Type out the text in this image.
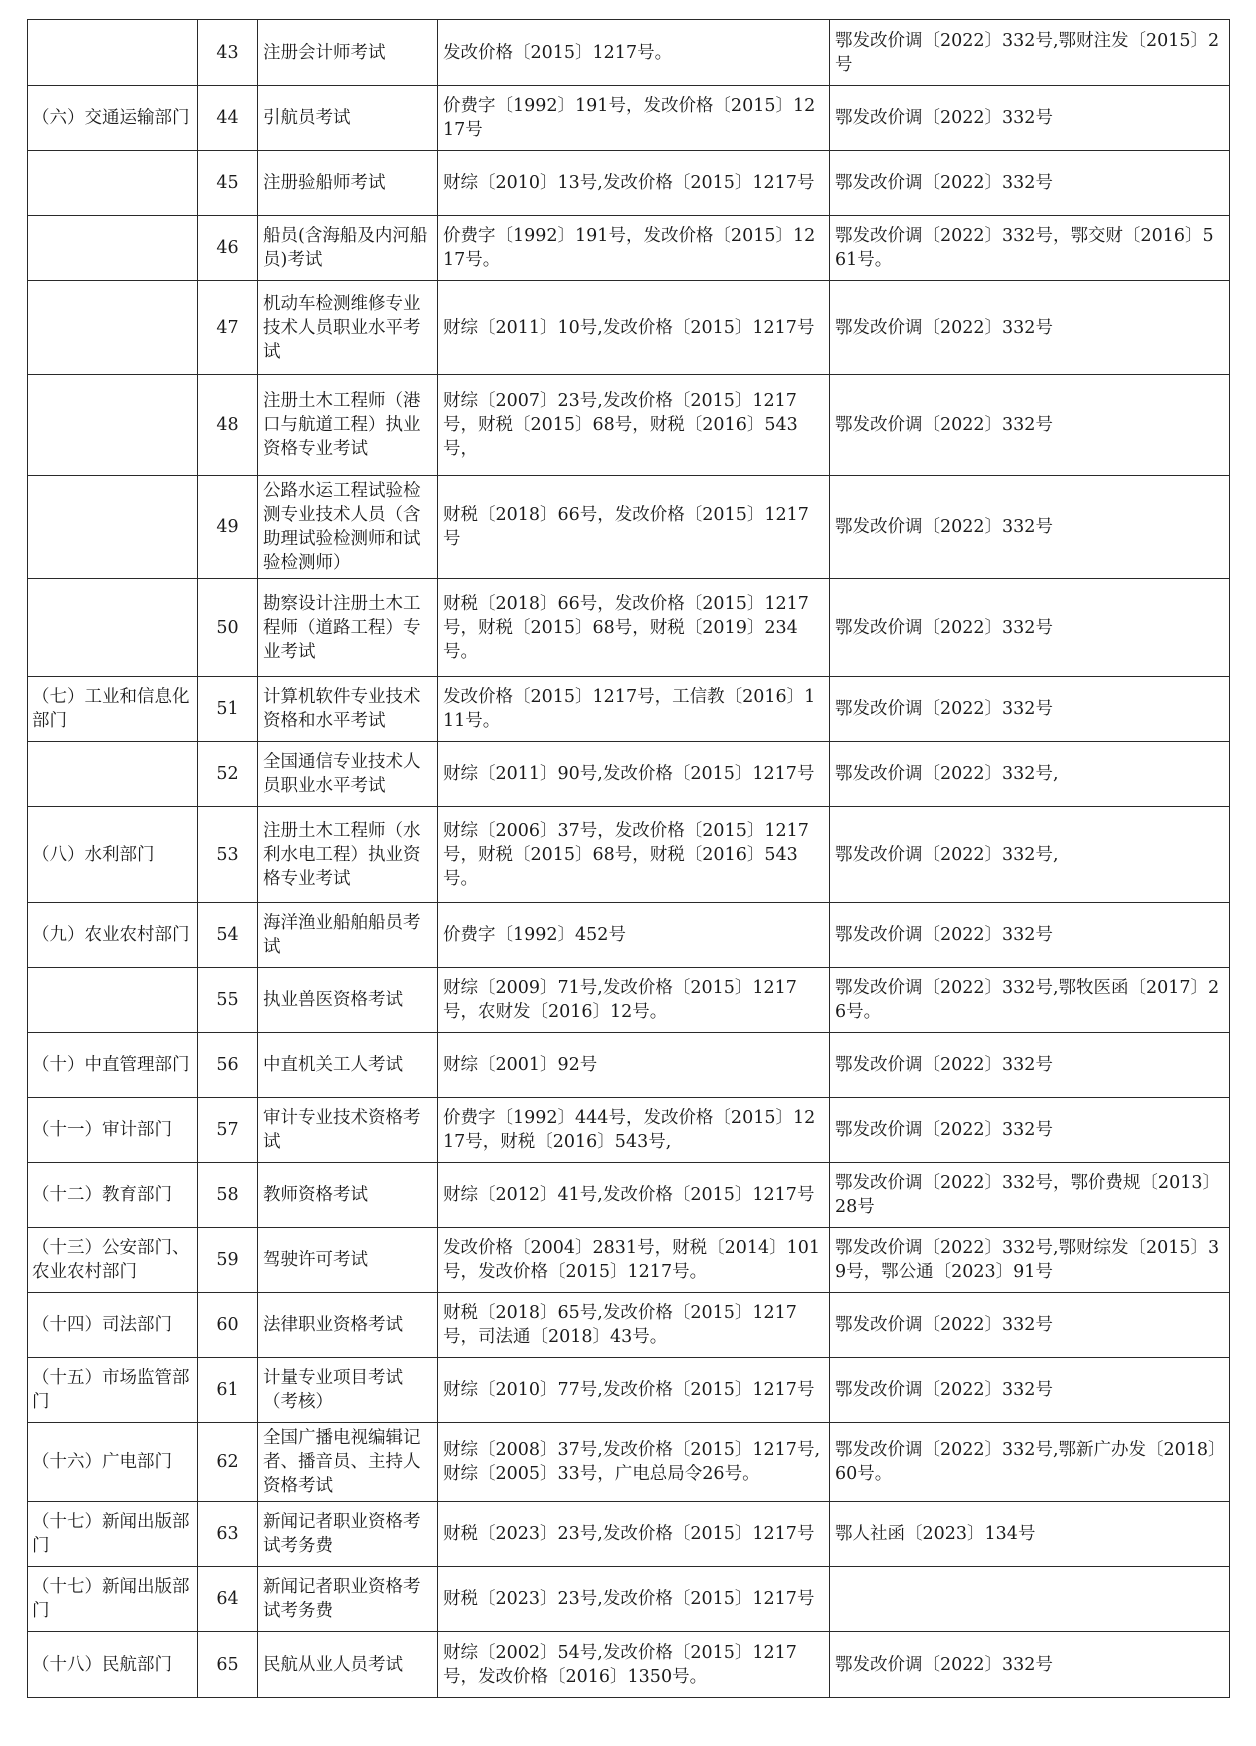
	43	注册会计师考试	发改价格〔2015〕1217号。	鄂发改价调〔2022〕332号,鄂财注发〔2015〕2号
（六）交通运输部门	44	引航员考试	价费字〔1992〕191号，发改价格〔2015〕1217号	鄂发改价调〔2022〕332号
	45	注册验船师考试	财综〔2010〕13号,发改价格〔2015〕1217号	鄂发改价调〔2022〕332号
	46	船员(含海船及内河船员)考试	价费字〔1992〕191号，发改价格〔2015〕1217号。	鄂发改价调〔2022〕332号，鄂交财〔2016〕561号。
	47	机动车检测维修专业技术人员职业水平考试	财综〔2011〕10号,发改价格〔2015〕1217号	鄂发改价调〔2022〕332号
	48	注册土木工程师（港口与航道工程）执业资格专业考试	财综〔2007〕23号,发改价格〔2015〕1217号，财税〔2015〕68号，财税〔2016〕543号，	鄂发改价调〔2022〕332号
	49	公路水运工程试验检测专业技术人员（含助理试验检测师和试验检测师）	财税〔2018〕66号，发改价格〔2015〕1217号	鄂发改价调〔2022〕332号
	50	勘察设计注册土木工程师（道路工程）专业考试	财税〔2018〕66号，发改价格〔2015〕1217号，财税〔2015〕68号，财税〔2019〕234号。	鄂发改价调〔2022〕332号
（七）工业和信息化部门	51	计算机软件专业技术资格和水平考试	发改价格〔2015〕1217号，工信教〔2016〕111号。	鄂发改价调〔2022〕332号
	52	全国通信专业技术人员职业水平考试	财综〔2011〕90号,发改价格〔2015〕1217号	鄂发改价调〔2022〕332号,
（八）水利部门	53	注册土木工程师（水利水电工程）执业资格专业考试	财综〔2006〕37号，发改价格〔2015〕1217号，财税〔2015〕68号，财税〔2016〕543号。	鄂发改价调〔2022〕332号,
（九）农业农村部门	54	海洋渔业船舶船员考试	价费字〔1992〕452号	鄂发改价调〔2022〕332号
	55	执业兽医资格考试	财综〔2009〕71号,发改价格〔2015〕1217号，农财发〔2016〕12号。	鄂发改价调〔2022〕332号,鄂牧医函〔2017〕26号。
（十）中直管理部门	56	中直机关工人考试	财综〔2001〕92号	鄂发改价调〔2022〕332号
（十一）审计部门	57	审计专业技术资格考试	价费字〔1992〕444号，发改价格〔2015〕1217号，财税〔2016〕543号,	鄂发改价调〔2022〕332号
（十二）教育部门	58	教师资格考试	财综〔2012〕41号,发改价格〔2015〕1217号	鄂发改价调〔2022〕332号，鄂价费规〔2013〕28号
（十三）公安部门、农业农村部门	59	驾驶许可考试	发改价格〔2004〕2831号，财税〔2014〕101号，发改价格〔2015〕1217号。	鄂发改价调〔2022〕332号,鄂财综发〔2015〕39号，鄂公通〔2023〕91号
（十四）司法部门	60	法律职业资格考试	财税〔2018〕65号,发改价格〔2015〕1217号，司法通〔2018〕43号。	鄂发改价调〔2022〕332号
（十五）市场监管部门	61	计量专业项目考试（考核）	财综〔2010〕77号,发改价格〔2015〕1217号	鄂发改价调〔2022〕332号
（十六）广电部门	62	全国广播电视编辑记者、播音员、主持人资格考试	财综〔2008〕37号,发改价格〔2015〕1217号,财综〔2005〕33号，广电总局令26号。	鄂发改价调〔2022〕332号,鄂新广办发〔2018〕60号。
（十七）新闻出版部门	63	新闻记者职业资格考试考务费	财税〔2023〕23号,发改价格〔2015〕1217号	鄂人社函〔2023〕134号
（十七）新闻出版部门	64	新闻记者职业资格考试考务费	财税〔2023〕23号,发改价格〔2015〕1217号	
（十八）民航部门	65	民航从业人员考试	财综〔2002〕54号,发改价格〔2015〕1217号，发改价格〔2016〕1350号。	鄂发改价调〔2022〕332号
